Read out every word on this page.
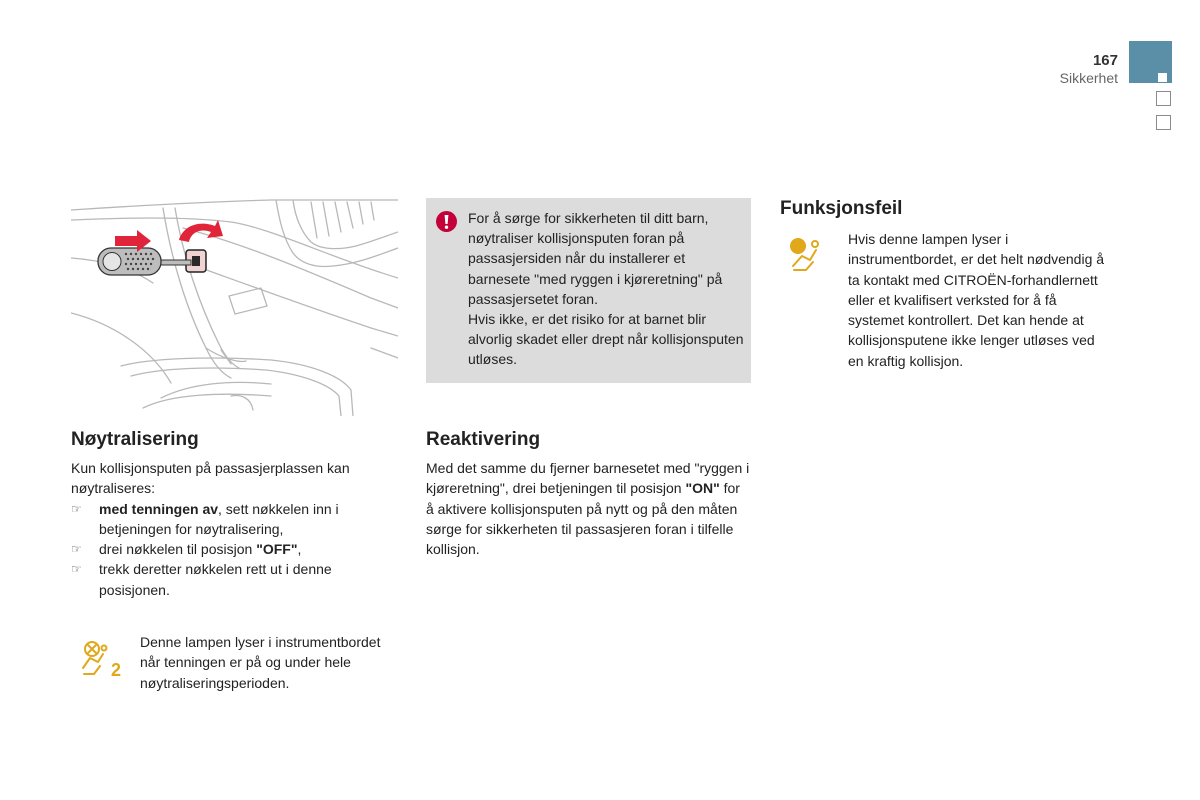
167
Sikkerhet
Nøytralisering

Kun kollisjonsputen på passasjerplassen kan nøytraliseres:

☞ med tenningen av, sett nøkkelen inn i betjeningen for nøytralisering,
☞ drei nøkkelen til posisjon "OFF",
☞ trekk deretter nøkkelen rett ut i denne posisjonen.
2
Denne lampen lyser i instrumentbordet når tenningen er på og under hele nøytraliseringsperioden.

For å sørge for sikkerheten til ditt barn, nøytraliser kollisjonsputen foran på passasjersiden når du installerer et barnesete "med ryggen i kjøreretning" på passasjersetet foran.

Hvis ikke, er det risiko for at barnet blir alvorlig skadet eller drept når kollisjonsputen utløses.

Reaktivering
Med det samme du fjerner barnesetet med "ryggen i kjøreretning", drei betjeningen til posisjon "ON" for å aktivere kollisjonsputen på nytt og på den måten sørge for sikkerheten til passasjeren foran i tilfelle kollisjon.
Funksjonsfeil
Hvis denne lampen lyser i instrumentbordet, er det helt nødvendig å ta kontakt med CITROËN-forhandlernett eller et kvalifisert verksted for å få systemet kontrollert. Det kan hende at kollisjonsputene ikke lenger utløses ved en kraftig kollisjon.
